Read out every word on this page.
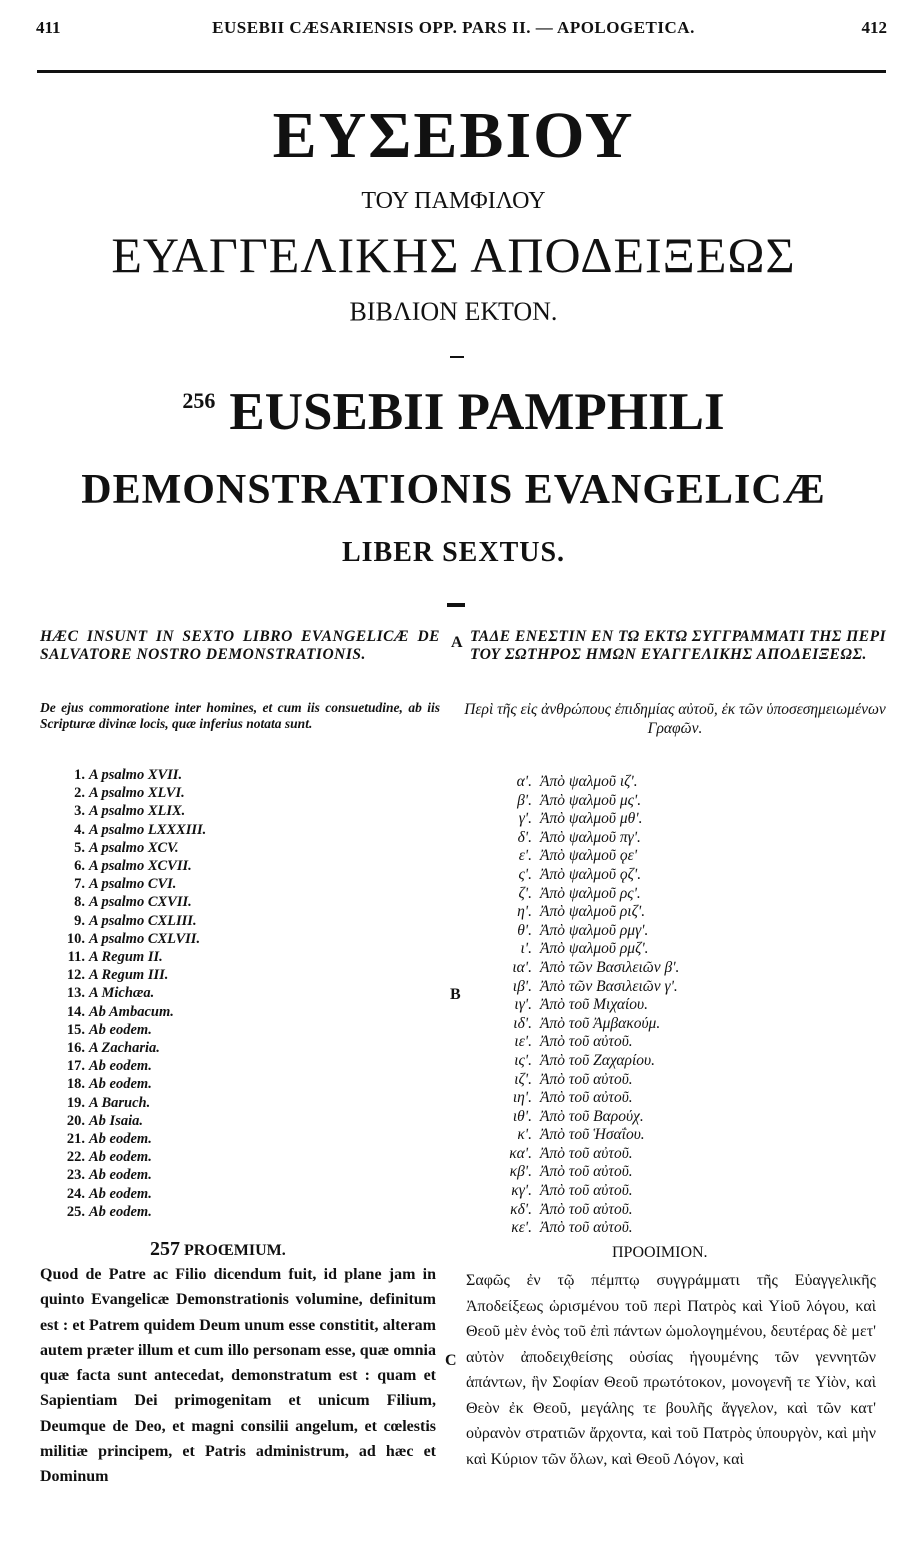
411	EUSEBII CÆSARIENSIS OPP. PARS II. — APOLOGETICA.	412
ΕΥΣΕΒΙΟΥ
ΤΟΥ ΠΑΜΦΙΛΟΥ
ΕΥΑΓΓΕΛΙΚΗΣ ΑΠΟΔΕΙΞΕΩΣ
ΒΙΒΛΙΟΝ ΕΚΤΟΝ.
$^{256}$ EUSEBII PAMPHILI
DEMONSTRATIONIS EVANGELICÆ
LIBER SEXTUS.
HÆC INSUNT IN SEXTO LIBRO EVANGELICÆ DE SALVATORE NOSTRO DEMONSTRATIONIS.
ΤΑΔΕ ΕΝΕΣΤΙΝ ΕΝ ΤΩ ΕΚΤΩ ΣΥΓΓΡΑΜΜΑΤΙ ΤΗΣ ΠΕΡΙ ΤΟΥ ΣΩΤΗΡΟΣ ΗΜΩΝ ΕΥΑΓΓΕΛΙΚΗΣ ΑΠΟΔΕΙΞΕΩΣ.
A
B
C
De ejus commoratione inter homines, et cum iis consuetudine, ab iis Scripturæ divinæ locis, quæ inferius notata sunt.
Περὶ τῆς εἰς ἀνθρώπους ἐπιδημίας αὐτοῦ, ἐκ τῶν ὑποσεσημειωμένων Γραφῶν.
1. A psalmo XVII.
2. A psalmo XLVI.
3. A psalmo XLIX.
4. A psalmo LXXXIII.
5. A psalmo XCV.
6. A psalmo XCVII.
7. A psalmo CVI.
8. A psalmo CXVII.
9. A psalmo CXLIII.
10. A psalmo CXLVII.
11. A Regum II.
12. A Regum III.
13. A Michæa.
14. Ab Ambacum.
15. Ab eodem.
16. A Zacharia.
17. Ab eodem.
18. Ab eodem.
19. A Baruch.
20. Ab Isaia.
21. Ab eodem.
22. Ab eodem.
23. Ab eodem.
24. Ab eodem.
25. Ab eodem.
αʹ. Ἀπὸ ψαλμοῦ ιζʹ.
βʹ. Ἀπὸ ψαλμοῦ μςʹ.
γʹ. Ἀπὸ ψαλμοῦ μθʹ.
δʹ. Ἀπὸ ψαλμοῦ πγʹ.
εʹ. Ἀπὸ ψαλμοῦ ϙεʹ
ςʹ. Ἀπὸ ψαλμοῦ ϙζʹ.
ζʹ. Ἀπὸ ψαλμοῦ ρςʹ.
ηʹ. Ἀπὸ ψαλμοῦ ριζʹ.
θʹ. Ἀπὸ ψαλμοῦ ρμγʹ.
ιʹ. Ἀπὸ ψαλμοῦ ρμζʹ.
ιαʹ. Ἀπὸ τῶν Βασιλειῶν βʹ.
ιβʹ. Ἀπὸ τῶν Βασιλειῶν γʹ.
ιγʹ. Ἀπὸ τοῦ Μιχαίου.
ιδʹ. Ἀπὸ τοῦ Ἀμβακούμ.
ιεʹ. Ἀπὸ τοῦ αὐτοῦ.
ιςʹ. Ἀπὸ τοῦ Ζαχαρίου.
ιζʹ. Ἀπὸ τοῦ αὐτοῦ.
ιηʹ. Ἀπὸ τοῦ αὐτοῦ.
ιθʹ. Ἀπὸ τοῦ Βαρούχ.
κʹ. Ἀπὸ τοῦ Ἡσαΐου.
καʹ. Ἀπὸ τοῦ αὐτοῦ.
κβʹ. Ἀπὸ τοῦ αὐτοῦ.
κγʹ. Ἀπὸ τοῦ αὐτοῦ.
κδʹ. Ἀπὸ τοῦ αὐτοῦ.
κεʹ. Ἀπὸ τοῦ αὐτοῦ.
257 PROŒMIUM.	ΠΡΟΟΙΜΙΟΝ.
Quod de Patre ac Filio dicendum fuit, id plane jam in quinto Evangelicæ Demonstrationis volumine, definitum est : et Patrem quidem Deum unum esse constitit, alteram autem præter illum et cum illo personam esse, quæ omnia quæ facta sunt antecedat, demonstratum est : quam et Sapientiam Dei primogenitam et unicum Filium, Deumque de Deo, et magni consilii angelum, et cœlestis militiæ principem, et Patris administrum, ad hæc et Dominum
Σαφῶς ἐν τῷ πέμπτῳ συγγράμματι τῆς Εὐαγγελικῆς Ἀποδείξεως ὡρισμένου τοῦ περὶ Πατρὸς καὶ Υἱοῦ λόγου, καὶ Θεοῦ μὲν ἑνὸς τοῦ ἐπὶ πάντων ὡμολογημένου, δευτέρας δὲ μετ' αὐτὸν ἀποδειχθείσης οὐσίας ἡγουμένης τῶν γεννητῶν ἁπάντων, ἣν Σοφίαν Θεοῦ πρωτότοκον, μονογενῆ τε Υἱὸν, καὶ Θεὸν ἐκ Θεοῦ, μεγάλης τε βουλῆς ἄγγελον, καὶ τῶν κατ' οὐρανὸν στρατιῶν ἄρχοντα, καὶ τοῦ Πατρὸς ὑπουργὸν, καὶ μὴν καὶ Κύριον τῶν ὅλων, καὶ Θεοῦ Λόγον, καὶ
